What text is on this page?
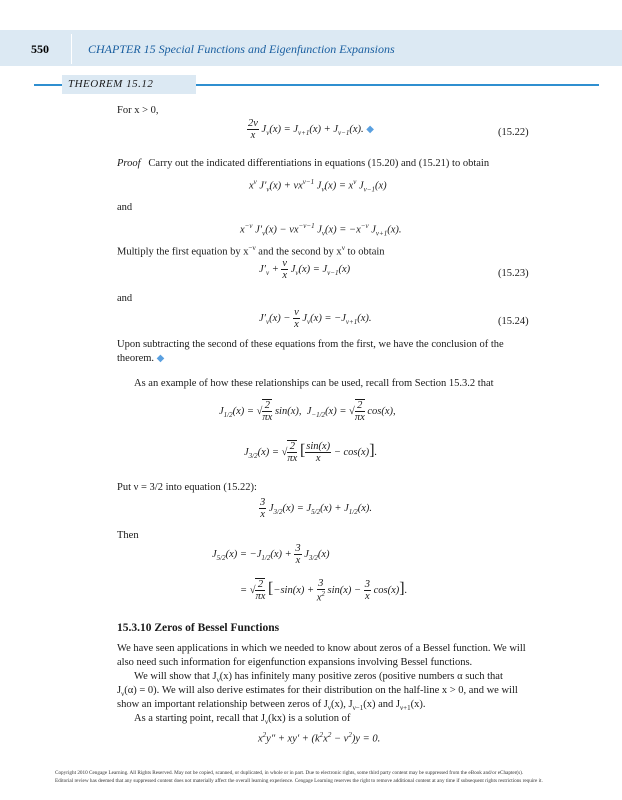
550	CHAPTER 15 Special Functions and Eigenfunction Expansions
THEOREM 15.12
For x > 0,
$\frac{2\nu}{x} J_\nu(x) = J_{\nu+1}(x) + J_{\nu-1}(x)$. ◆	(15.22)
Proof Carry out the indicated differentiations in equations (15.20) and (15.21) to obtain
$x^\nu$ $J'_\nu(x) + \nu x^{\nu-1}$ $J_\nu(x) = x^\nu$ $J_{\nu-1}(x)$
and
$x^{-\nu}$ $J'_\nu(x) - \nu x^{-\nu-1}$ $J_\nu(x) = -x^{-\nu}$ $J_{\nu+1}(x)$.
Multiply the first equation by $x^{-\nu}$ and the second by $x^\nu$ to obtain
$J'_\nu + \frac{\nu}{x} J_\nu(x) = J_{\nu-1}(x)$	(15.23)
and
$J'_\nu(x) - \frac{\nu}{x} J_\nu(x) = -J_{\nu+1}(x)$.	(15.24)
Upon subtracting the second of these equations from the first, we have the conclusion of the
theorem. ◆
As an example of how these relationships can be used, recall from Section 15.3.2 that
$J_{1/2}(x)$ = √ $\frac{2}{\pi x} \sin(x)$,  $J_{-1/2}(x)$ = √ $\frac{2}{\pi x} \cos(x)$,
$J_{3/2}(x)$ = √ $\frac{2}{\pi x}$ [ $\frac{\sin(x)}{x} - \cos(x)$].
Put ν = 3/2 into equation (15.22):
$\frac{3}{x} J_{3/2}(x) = J_{5/2}(x) + J_{1/2}(x)$.
Then
$J_{5/2}(x) = -J_{1/2}(x) + \frac{3}{x} J_{3/2}(x)$
= √ $\frac{2}{\pi x} [-\sin(x) + \frac{3}{x^2} \sin(x) - \frac{3}{x} \cos(x)]$.
15.3.10 Zeros of Bessel Functions
We have seen applications in which we needed to know about zeros of a Bessel function. We will
also need such information for eigenfunction expansions involving Bessel functions.
We will show that $J_\nu(x)$ has infinitely many positive zeros (positive numbers α such that
$J_\nu(\alpha) = 0$). We will also derive estimates for their distribution on the half-line x > 0, and we will
show an important relationship between zeros of $J_\nu(x)$, $J_{\nu-1}(x)$ and $J_{\nu+1}(x)$.
As a starting point, recall that $J_\nu(kx)$ is a solution of
$x^2y'' + xy' + (k^2x^2 - \nu^2)y = 0$.
Copyright 2010 Cengage Learning. All Rights Reserved. May not be copied, scanned, or duplicated, in whole or in part. Due to electronic rights, some third party content may be suppressed from the eBook and/or eChapter(s).
Editorial review has deemed that any suppressed content does not materially affect the overall learning experience. Cengage Learning reserves the right to remove additional content at any time if subsequent rights restrictions require it.
